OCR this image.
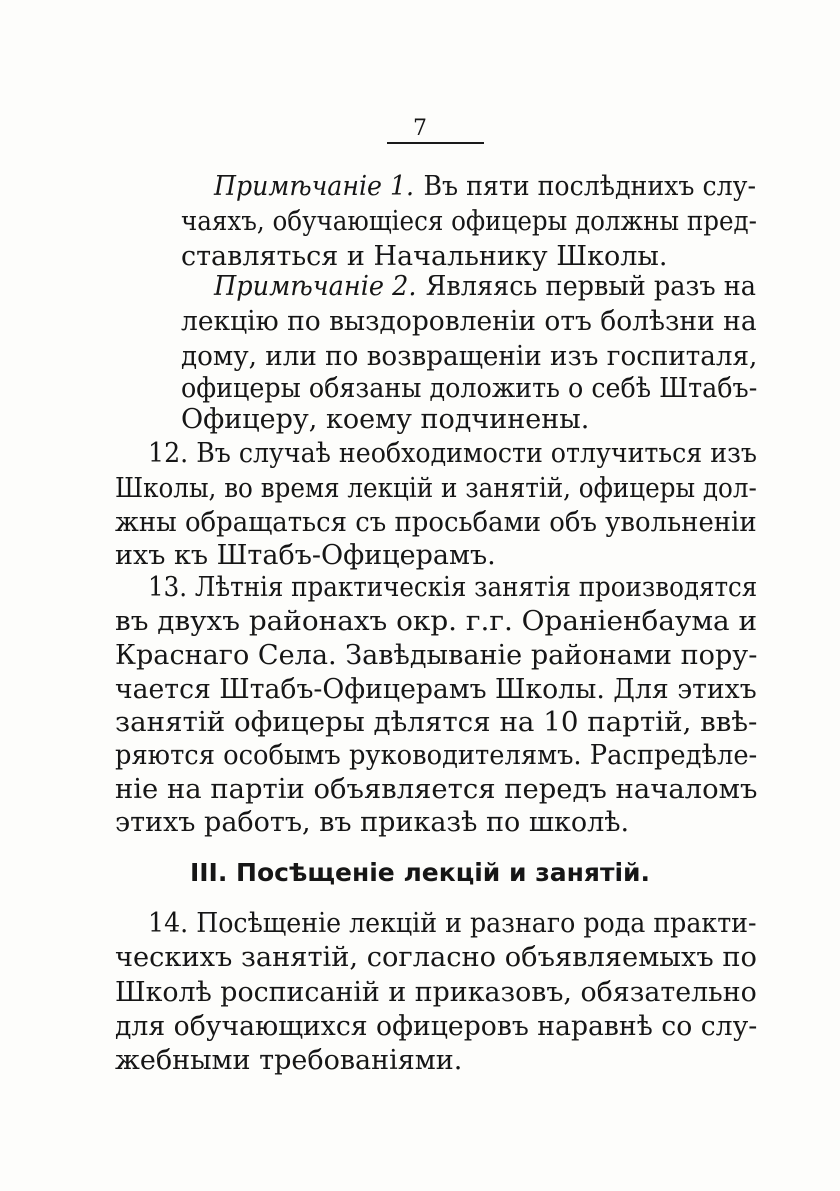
7
Примѣчаніе 1. Въ пяти послѣднихъ слу-
чаяхъ, обучающіеся офицеры должны пред-
ставляться и Начальнику Школы.
Примѣчаніе 2. Являясь первый разъ на
лекцію по выздоровленіи отъ болѣзни на
дому, или по возвращеніи изъ госпиталя,
офицеры обязаны доложить о себѣ Штабъ-
Офицеру, коему подчинены.
12. Въ случаѣ необходимости отлучиться изъ
Школы, во время лекцій и занятій, офицеры дол-
жны обращаться съ просьбами объ увольненіи
ихъ къ Штабъ-Офицерамъ.
13. Лѣтнія практическія занятія производятся
въ двухъ районахъ окр. г.г. Ораніенбаума и
Краснаго Села. Завѣдываніе районами пору-
чается Штабъ-Офицерамъ Школы. Для этихъ
занятій офицеры дѣлятся на 10 партій, ввѣ-
ряются особымъ руководителямъ. Распредѣле-
ніе на партіи объявляется передъ началомъ
этихъ работъ, въ приказѣ по школѣ.
III. Посѣщеніе лекцій и занятій.
14. Посѣщеніе лекцій и разнаго рода практи-
ческихъ занятій, согласно объявляемыхъ по
Школѣ росписаній и приказовъ, обязательно
для обучающихся офицеровъ наравнѣ со слу-
жебными требованіями.
